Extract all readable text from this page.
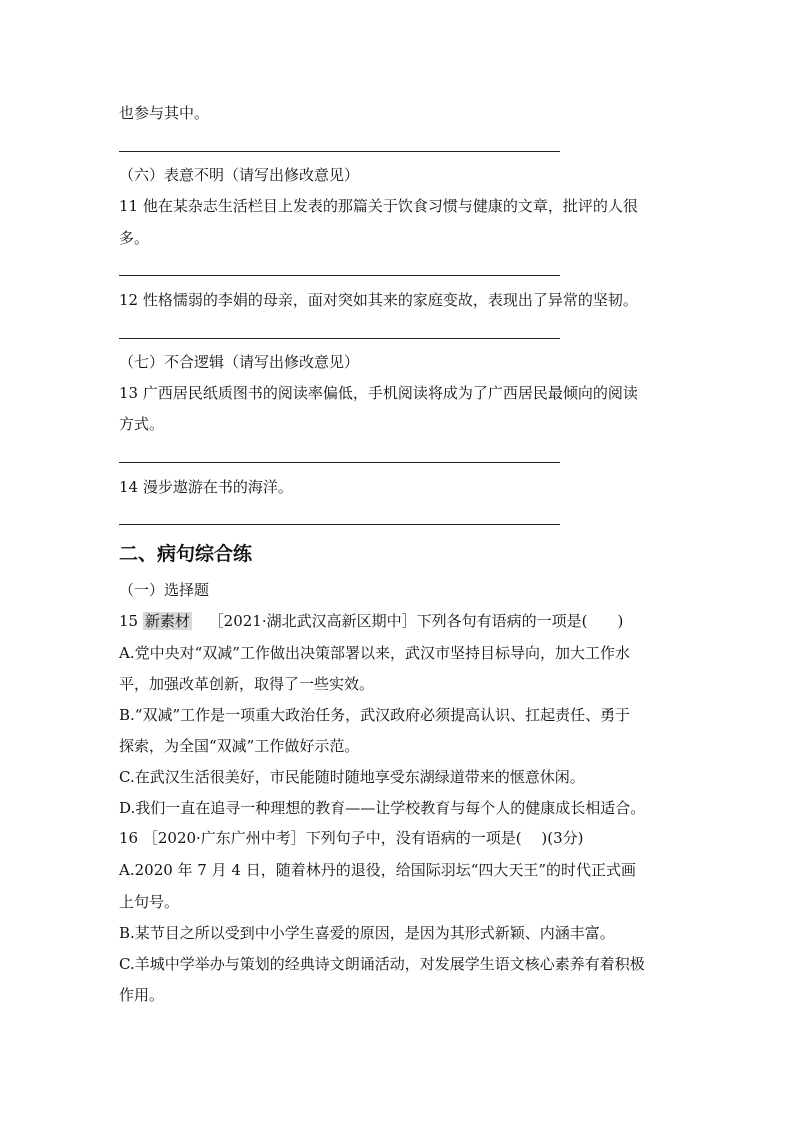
也参与其中。
（六）表意不明（请写出修改意见）
11 他在某杂志生活栏目上发表的那篇关于饮食习惯与健康的文章，批评的人很
多。
12 性格懦弱的李娟的母亲，面对突如其来的家庭变故，表现出了异常的坚韧。
（七）不合逻辑（请写出修改意见）
13 广西居民纸质图书的阅读率偏低，手机阅读将成为了广西居民最倾向的阅读
方式。
14 漫步遨游在书的海洋。
二、病句综合练
（一）选择题
15 新素材 ［2021·湖北武汉高新区期中］下列各句有语病的一项是(　　)
A.党中央对“双减”工作做出决策部署以来，武汉市坚持目标导向，加大工作水
平，加强改革创新，取得了一些实效。
B.“双减”工作是一项重大政治任务，武汉政府必须提高认识、扛起责任、勇于
探索，为全国“双减”工作做好示范。
C.在武汉生活很美好，市民能随时随地享受东湖绿道带来的惬意休闲。
D.我们一直在追寻一种理想的教育——让学校教育与每个人的健康成长相适合。
16 ［2020·广东广州中考］下列句子中，没有语病的一项是(　 )(3分)
A.2020 年 7 月 4 日，随着林丹的退役，给国际羽坛“四大天王”的时代正式画
上句号。
B.某节目之所以受到中小学生喜爱的原因，是因为其形式新颖、内涵丰富。
C.羊城中学举办与策划的经典诗文朗诵活动，对发展学生语文核心素养有着积极
作用。
